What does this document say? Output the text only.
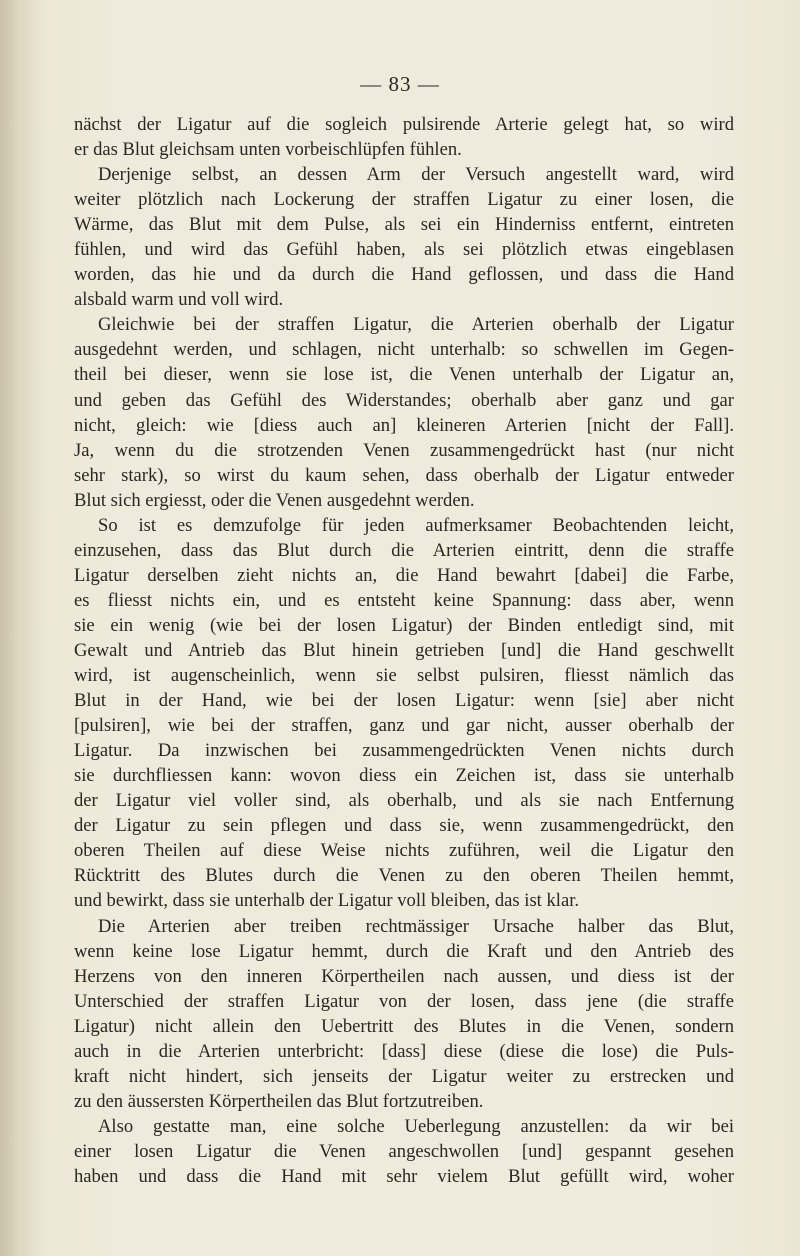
— 83 —
nächst der Ligatur auf die sogleich pulsirende Arterie gelegt hat, so wird
er das Blut gleichsam unten vorbeischlüpfen fühlen.
Derjenige selbst, an dessen Arm der Versuch angestellt ward, wird
weiter plötzlich nach Lockerung der straffen Ligatur zu einer losen, die
Wärme, das Blut mit dem Pulse, als sei ein Hinderniss entfernt, eintreten
fühlen, und wird das Gefühl haben, als sei plötzlich etwas eingeblasen
worden, das hie und da durch die Hand geflossen, und dass die Hand
alsbald warm und voll wird.
Gleichwie bei der straffen Ligatur, die Arterien oberhalb der Ligatur
ausgedehnt werden, und schlagen, nicht unterhalb: so schwellen im Gegen-
theil bei dieser, wenn sie lose ist, die Venen unterhalb der Ligatur an,
und geben das Gefühl des Widerstandes; oberhalb aber ganz und gar
nicht, gleich: wie [diess auch an] kleineren Arterien [nicht der Fall].
Ja, wenn du die strotzenden Venen zusammengedrückt hast (nur nicht
sehr stark), so wirst du kaum sehen, dass oberhalb der Ligatur entweder
Blut sich ergiesst, oder die Venen ausgedehnt werden.
So ist es demzufolge für jeden aufmerksamer Beobachtenden leicht,
einzusehen, dass das Blut durch die Arterien eintritt, denn die straffe
Ligatur derselben zieht nichts an, die Hand bewahrt [dabei] die Farbe,
es fliesst nichts ein, und es entsteht keine Spannung: dass aber, wenn
sie ein wenig (wie bei der losen Ligatur) der Binden entledigt sind, mit
Gewalt und Antrieb das Blut hinein getrieben [und] die Hand geschwellt
wird, ist augenscheinlich, wenn sie selbst pulsiren, fliesst nämlich das
Blut in der Hand, wie bei der losen Ligatur: wenn [sie] aber nicht
[pulsiren], wie bei der straffen, ganz und gar nicht, ausser oberhalb der
Ligatur. Da inzwischen bei zusammengedrückten Venen nichts durch
sie durchfliessen kann: wovon diess ein Zeichen ist, dass sie unterhalb
der Ligatur viel voller sind, als oberhalb, und als sie nach Entfernung
der Ligatur zu sein pflegen und dass sie, wenn zusammengedrückt, den
oberen Theilen auf diese Weise nichts zuführen, weil die Ligatur den
Rücktritt des Blutes durch die Venen zu den oberen Theilen hemmt,
und bewirkt, dass sie unterhalb der Ligatur voll bleiben, das ist klar.
Die Arterien aber treiben rechtmässiger Ursache halber das Blut,
wenn keine lose Ligatur hemmt, durch die Kraft und den Antrieb des
Herzens von den inneren Körpertheilen nach aussen, und diess ist der
Unterschied der straffen Ligatur von der losen, dass jene (die straffe
Ligatur) nicht allein den Uebertritt des Blutes in die Venen, sondern
auch in die Arterien unterbricht: [dass] diese (diese die lose) die Puls-
kraft nicht hindert, sich jenseits der Ligatur weiter zu erstrecken und
zu den äussersten Körpertheilen das Blut fortzutreiben.
Also gestatte man, eine solche Ueberlegung anzustellen: da wir bei
einer losen Ligatur die Venen angeschwollen [und] gespannt gesehen
haben und dass die Hand mit sehr vielem Blut gefüllt wird, woher
